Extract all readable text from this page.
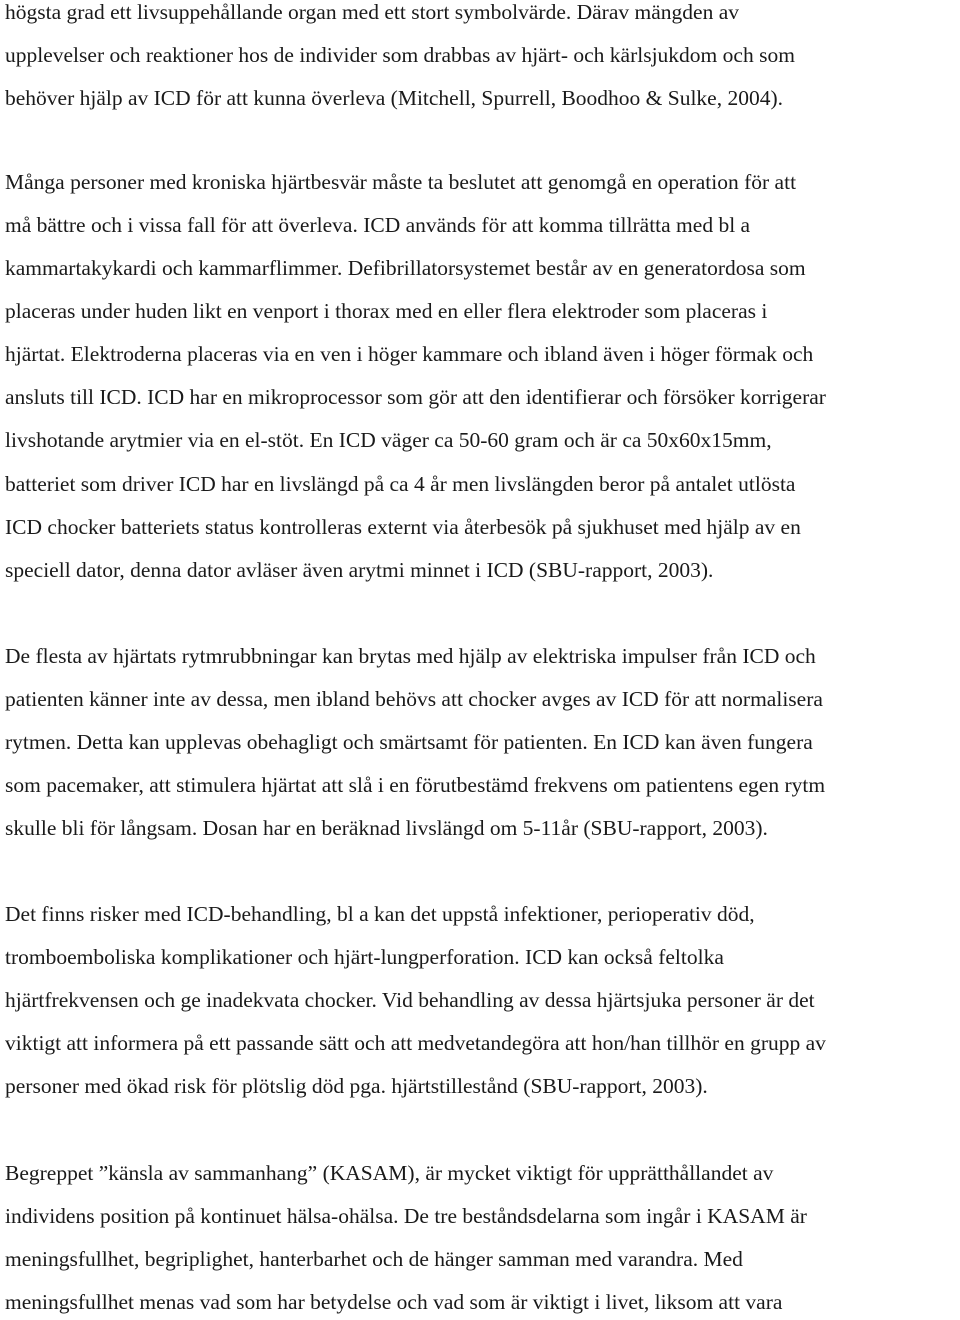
högsta grad ett livsuppehållande organ med ett stort symbolvärde. Därav mängden av
upplevelser och reaktioner hos de individer som drabbas av hjärt- och kärlsjukdom och som
behöver hjälp av ICD för att kunna överleva (Mitchell, Spurrell, Boodhoo & Sulke, 2004).
Många personer med kroniska hjärtbesvär måste ta beslutet att genomgå en operation för att
må bättre och i vissa fall för att överleva. ICD används för att komma tillrätta med bl a
kammartakykardi och kammarflimmer. Defibrillatorsystemet består av en generatordosa som
placeras under huden likt en venport i thorax med en eller flera elektroder som placeras i
hjärtat. Elektroderna placeras via en ven i höger kammare och ibland även i höger förmak och
ansluts till ICD. ICD har en mikroprocessor som gör att den identifierar och försöker korrigerar
livshotande arytmier via en el-stöt. En ICD väger ca 50-60 gram och är ca 50x60x15mm,
batteriet som driver ICD har en livslängd på ca 4 år men livslängden beror på antalet utlösta
ICD chocker batteriets status kontrolleras externt via återbesök på sjukhuset med hjälp av en
speciell dator, denna dator avläser även arytmi minnet i ICD (SBU-rapport, 2003).
De flesta av hjärtats rytmrubbningar kan brytas med hjälp av elektriska impulser från ICD och
patienten känner inte av dessa, men ibland behövs att chocker avges av ICD för att normalisera
rytmen. Detta kan upplevas obehagligt och smärtsamt för patienten. En ICD kan även fungera
som pacemaker, att stimulera hjärtat att slå i en förutbestämd frekvens om patientens egen rytm
skulle bli för långsam. Dosan har en beräknad livslängd om 5-11år (SBU-rapport, 2003).
Det finns risker med ICD-behandling, bl a kan det uppstå infektioner, perioperativ död,
tromboemboliska komplikationer och hjärt-lungperforation. ICD kan också feltolka
hjärtfrekvensen och ge inadekvata chocker. Vid behandling av dessa hjärtsjuka personer är det
viktigt att informera på ett passande sätt och att medvetandegöra att hon/han tillhör en grupp av
personer med ökad risk för plötslig död pga. hjärtstillestånd (SBU-rapport, 2003).
Begreppet ”känsla av sammanhang” (KASAM), är mycket viktigt för upprätthållandet av
individens position på kontinuet hälsa-ohälsa. De tre beståndsdelarna som ingår i KASAM är
meningsfullhet, begriplighet, hanterbarhet och de hänger samman med varandra. Med
meningsfullhet menas vad som har betydelse och vad som är viktigt i livet, liksom att vara
